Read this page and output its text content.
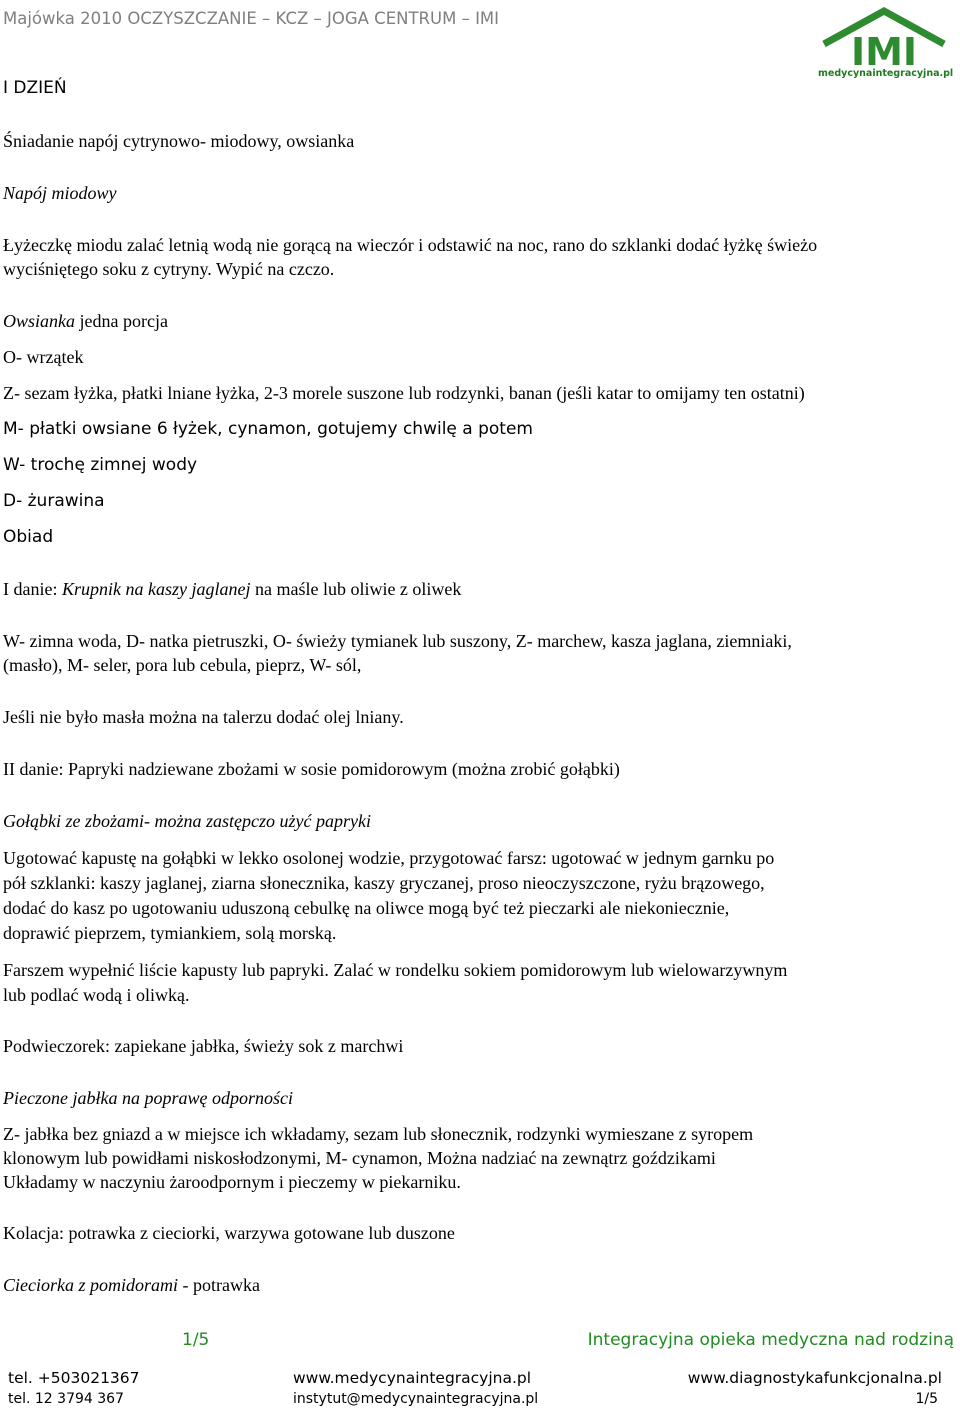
Majówka 2010 OCZYSZCZANIE – KCZ – JOGA CENTRUM – IMI
IMI
medycynaintegracyjna.pl

I DZIEŃ

Śniadanie napój cytrynowo- miodowy, owsianka

Napój miodowy

Łyżeczkę miodu zalać letnią wodą nie gorącą na wieczór i odstawić na noc, rano do szklanki dodać łyżkę świeżo

wyciśniętego soku z cytryny. Wypić na czczo.

Owsianka jedna porcja

O- wrzątek

Z- sezam łyżka, płatki lniane łyżka, 2-3 morele suszone lub rodzynki, banan (jeśli katar to omijamy ten ostatni)

M- płatki owsiane 6 łyżek, cynamon, gotujemy chwilę a potem

W- trochę zimnej wody

D- żurawina

Obiad

I danie: Krupnik na kaszy jaglanej na maśle lub oliwie z oliwek

W- zimna woda, D- natka pietruszki, O- świeży tymianek lub suszony, Z- marchew, kasza jaglana, ziemniaki,

(masło), M- seler, pora lub cebula, pieprz, W- sól,

Jeśli nie było masła można na talerzu dodać olej lniany.

II danie: Papryki nadziewane zbożami w sosie pomidorowym (można zrobić gołąbki)

Gołąbki ze zbożami- można zastępczo użyć papryki

Ugotować kapustę na gołąbki w lekko osolonej wodzie, przygotować farsz: ugotować w jednym garnku po

pół szklanki: kaszy jaglanej, ziarna słonecznika, kaszy gryczanej, proso nieoczyszczone, ryżu brązowego,

dodać do kasz po ugotowaniu uduszoną cebulkę na oliwce mogą być też pieczarki ale niekoniecznie,

doprawić pieprzem, tymiankiem, solą morską.

Farszem wypełnić liście kapusty lub papryki. Zalać w rondelku sokiem pomidorowym lub wielowarzywnym

lub podlać wodą i oliwką.

Podwieczorek: zapiekane jabłka, świeży sok z marchwi

Pieczone jabłka na poprawę odporności

Z- jabłka bez gniazd a w miejsce ich wkładamy, sezam lub słonecznik, rodzynki wymieszane z syropem

klonowym lub powidłami niskosłodzonymi, M- cynamon, Można nadziać na zewnątrz goździkami

Układamy w naczyniu żaroodpornym i pieczemy w piekarniku.

Kolacja: potrawka z cieciorki, warzywa gotowane lub duszone

Cieciorka z pomidorami - potrawka

1/5	Integracyjna opieka medyczna nad rodziną
tel. +503021367	www.medycynaintegracyjna.pl	www.diagnostykafunkcjonalna.pl
tel. 12 3794 367	instytut@medycynaintegracyjna.pl	1/5
